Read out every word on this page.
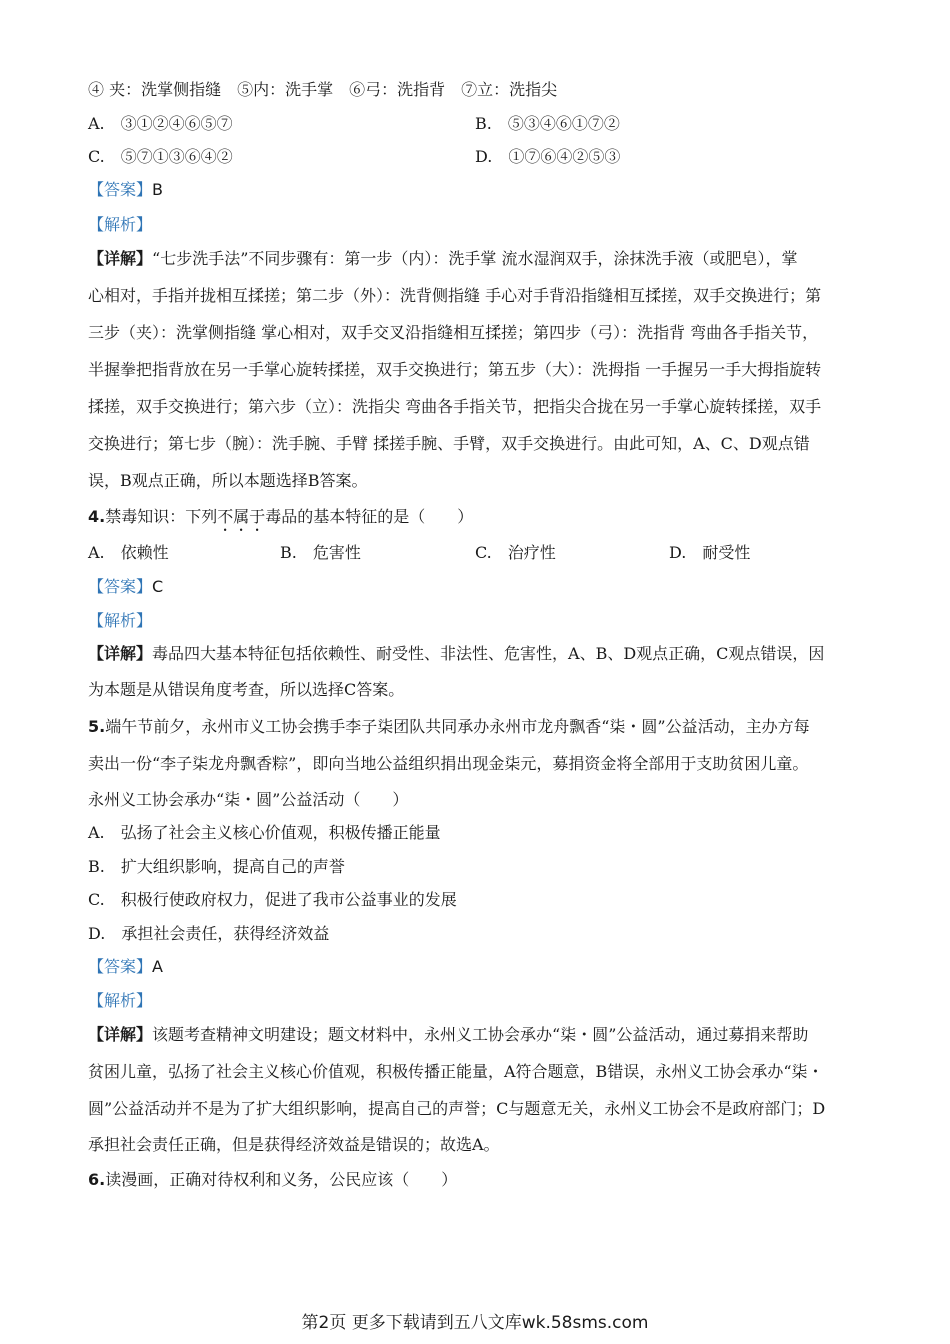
④ 夹：洗掌侧指缝　⑤内：洗手掌　⑥弓：洗指背　⑦立：洗指尖
A.　③①②④⑥⑤⑦	B.　⑤③④⑥①⑦②
C.　⑤⑦①③⑥④②	D.　①⑦⑥④②⑤③
【答案】B
【解析】
【详解】“七步洗手法”不同步骤有：第一步（内）：洗手掌 流水湿润双手，涂抹洗手液（或肥皂），掌
心相对，手指并拢相互揉搓；第二步（外）：洗背侧指缝 手心对手背沿指缝相互揉搓，双手交换进行；第
三步（夹）：洗掌侧指缝 掌心相对，双手交叉沿指缝相互揉搓；第四步（弓）：洗指背 弯曲各手指关节，
半握拳把指背放在另一手掌心旋转揉搓，双手交换进行；第五步（大）：洗拇指 一手握另一手大拇指旋转
揉搓，双手交换进行；第六步（立）：洗指尖 弯曲各手指关节，把指尖合拢在另一手掌心旋转揉搓，双手
交换进行；第七步（腕）：洗手腕、手臂 揉搓手腕、手臂，双手交换进行。由此可知，A、C、D观点错
误，B观点正确，所以本题选择B答案。
4.禁毒知识：下列不属于毒品的基本特征的是（　　）
A.　依赖性	B.　危害性	C.　治疗性	D.　耐受性
【答案】C
【解析】
【详解】毒品四大基本特征包括依赖性、耐受性、非法性、危害性，A、B、D观点正确，C观点错误，因
为本题是从错误角度考查，所以选择C答案。
5.端午节前夕，永州市义工协会携手李子柒团队共同承办永州市龙舟飘香“柒・圆”公益活动，主办方每
卖出一份“李子柒龙舟飘香粽”，即向当地公益组织捐出现金柒元，募捐资金将全部用于支助贫困儿童。
永州义工协会承办“柒・圆”公益活动（　　）
A.　弘扬了社会主义核心价值观，积极传播正能量
B.　扩大组织影响，提高自己的声誉
C.　积极行使政府权力，促进了我市公益事业的发展
D.　承担社会责任，获得经济效益
【答案】A
【解析】
【详解】该题考查精神文明建设；题文材料中，永州义工协会承办“柒・圆”公益活动，通过募捐来帮助
贫困儿童，弘扬了社会主义核心价值观，积极传播正能量，A符合题意，B错误，永州义工协会承办“柒・
圆”公益活动并不是为了扩大组织影响，提高自己的声誉；C与题意无关，永州义工协会不是政府部门；D
承担社会责任正确，但是获得经济效益是错误的；故选A。
6.读漫画，正确对待权利和义务，公民应该（　　）
第2页 更多下载请到五八文库wk.58sms.com
